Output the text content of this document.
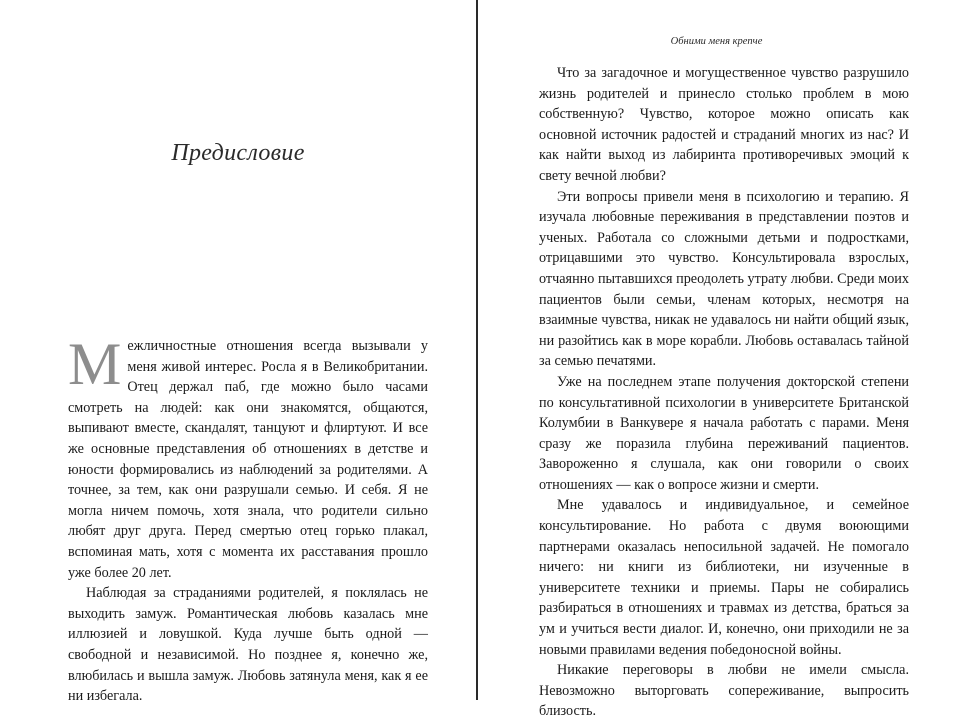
Предисловие

Межличностные отношения всегда вызывали у меня живой интерес. Росла я в Великобритании. Отец держал паб, где можно было часами смотреть на людей: как они знакомятся, общаются, выпивают вместе, скандалят, танцуют и флиртуют. И все же основные представления об отношениях в детстве и юности формировались из наблюдений за родителями. А точнее, за тем, как они разрушали семью. И себя. Я не могла ничем помочь, хотя знала, что родители сильно любят друг друга. Перед смертью отец горько плакал, вспоминая мать, хотя с момента их расставания прошло уже более 20 лет.

Наблюдая за страданиями родителей, я поклялась не выходить замуж. Романтическая любовь казалась мне иллюзией и ловушкой. Куда лучше быть одной — свободной и независимой. Но позднее я, конечно же, влюбилась и вышла замуж. Любовь затянула меня, как я ее ни избегала.

Обними меня крепче

Что за загадочное и могущественное чувство разрушило жизнь родителей и принесло столько проблем в мою собственную? Чувство, которое можно описать как основной источник радостей и страданий многих из нас? И как найти выход из лабиринта противоречивых эмоций к свету вечной любви?

Эти вопросы привели меня в психологию и терапию. Я изучала любовные переживания в представлении поэтов и ученых. Работала со сложными детьми и подростками, отрицавшими это чувство. Консультировала взрослых, отчаянно пытавшихся преодолеть утрату любви. Среди моих пациентов были семьи, членам которых, несмотря на взаимные чувства, никак не удавалось ни найти общий язык, ни разойтись как в море корабли. Любовь оставалась тайной за семью печатями.

Уже на последнем этапе получения докторской степени по консультативной психологии в университете Британской Колумбии в Ванкувере я начала работать с парами. Меня сразу же поразила глубина переживаний пациентов. Завороженно я слушала, как они говорили о своих отношениях — как о вопросе жизни и смерти.

Мне удавалось и индивидуальное, и семейное консультирование. Но работа с двумя воюющими партнерами оказалась непосильной задачей. Не помогало ничего: ни книги из библиотеки, ни изученные в университете техники и приемы. Пары не собирались разбираться в отношениях и травмах из детства, браться за ум и учиться вести диалог. И, конечно, они приходили не за новыми правилами ведения победоносной войны.

Никакие переговоры в любви не имели смысла. Невозможно выторговать сопереживание, выпросить близость.
